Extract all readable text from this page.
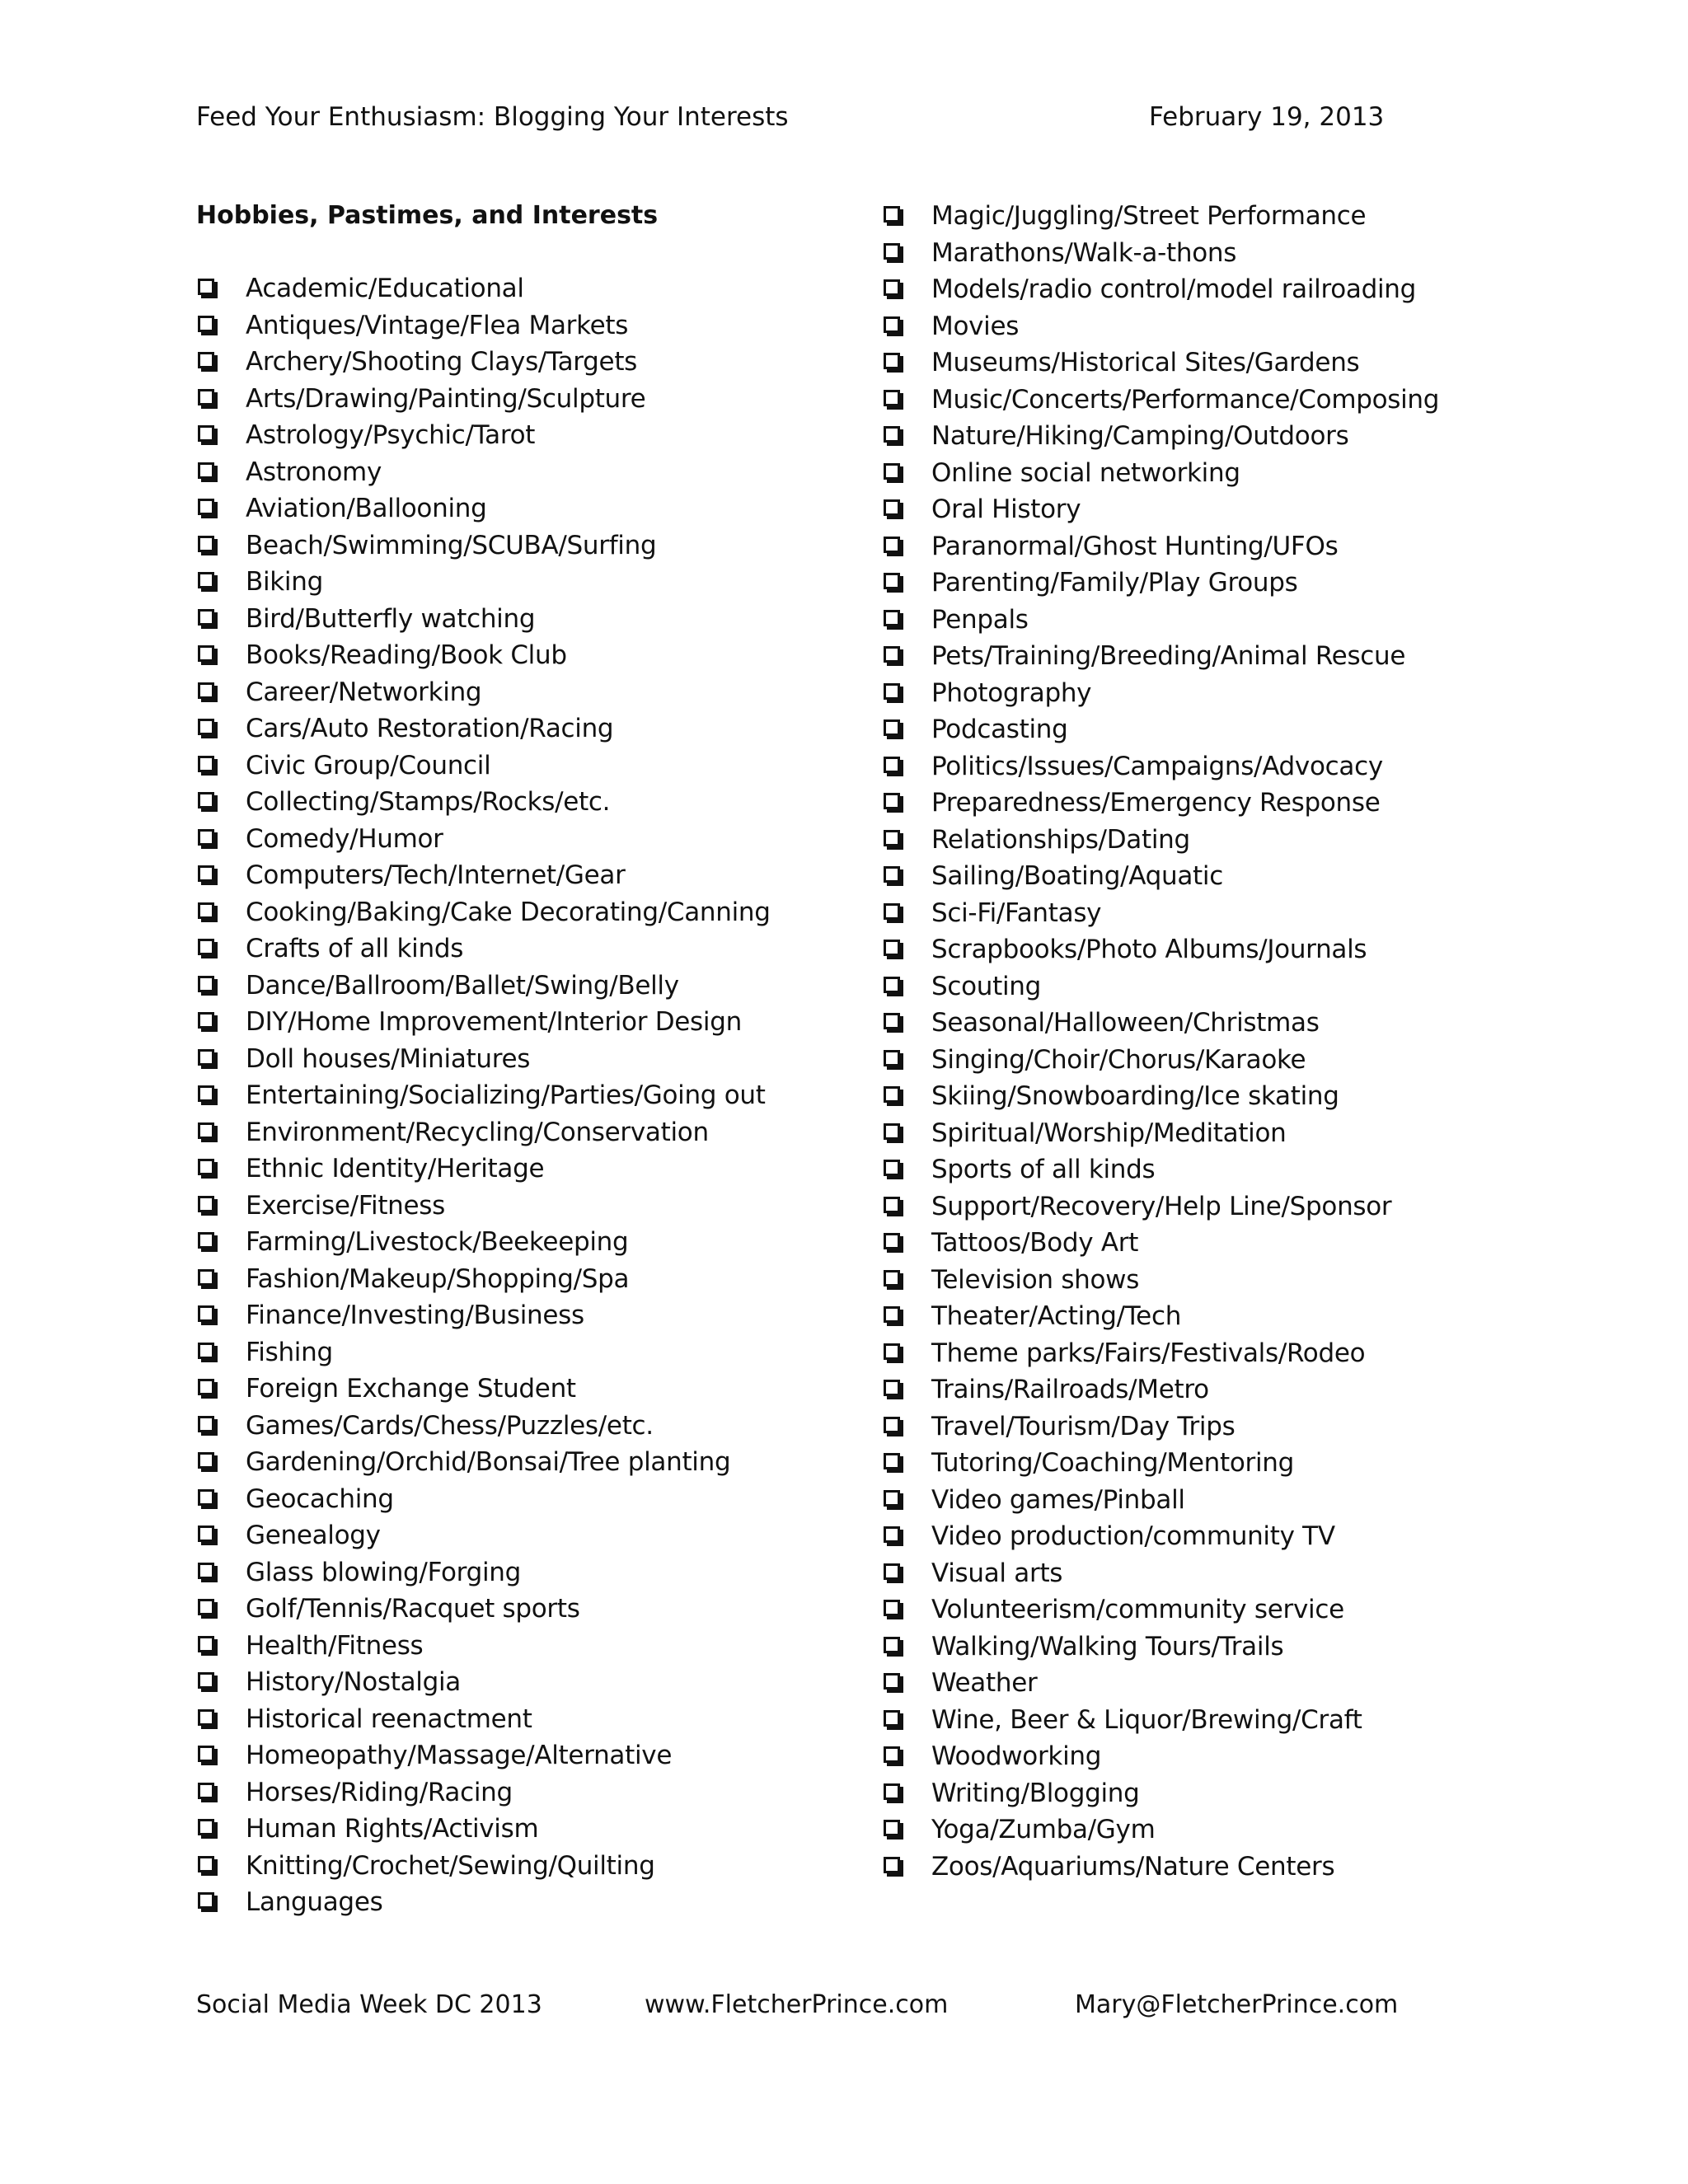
Feed Your Enthusiasm: Blogging Your Interests	February 19, 2013
Hobbies, Pastimes, and Interests
Academic/Educational
Antiques/Vintage/Flea Markets
Archery/Shooting Clays/Targets
Arts/Drawing/Painting/Sculpture
Astrology/Psychic/Tarot
Astronomy
Aviation/Ballooning
Beach/Swimming/SCUBA/Surfing
Biking
Bird/Butterfly watching
Books/Reading/Book Club
Career/Networking
Cars/Auto Restoration/Racing
Civic Group/Council
Collecting/Stamps/Rocks/etc.
Comedy/Humor
Computers/Tech/Internet/Gear
Cooking/Baking/Cake Decorating/Canning
Crafts of all kinds
Dance/Ballroom/Ballet/Swing/Belly
DIY/Home Improvement/Interior Design
Doll houses/Miniatures
Entertaining/Socializing/Parties/Going out
Environment/Recycling/Conservation
Ethnic Identity/Heritage
Exercise/Fitness
Farming/Livestock/Beekeeping
Fashion/Makeup/Shopping/Spa
Finance/Investing/Business
Fishing
Foreign Exchange Student
Games/Cards/Chess/Puzzles/etc.
Gardening/Orchid/Bonsai/Tree planting
Geocaching
Genealogy
Glass blowing/Forging
Golf/Tennis/Racquet sports
Health/Fitness
History/Nostalgia
Historical reenactment
Homeopathy/Massage/Alternative
Horses/Riding/Racing
Human Rights/Activism
Knitting/Crochet/Sewing/Quilting
Languages
Magic/Juggling/Street Performance
Marathons/Walk-a-thons
Models/radio control/model railroading
Movies
Museums/Historical Sites/Gardens
Music/Concerts/Performance/Composing
Nature/Hiking/Camping/Outdoors
Online social networking
Oral History
Paranormal/Ghost Hunting/UFOs
Parenting/Family/Play Groups
Penpals
Pets/Training/Breeding/Animal Rescue
Photography
Podcasting
Politics/Issues/Campaigns/Advocacy
Preparedness/Emergency Response
Relationships/Dating
Sailing/Boating/Aquatic
Sci-Fi/Fantasy
Scrapbooks/Photo Albums/Journals
Scouting
Seasonal/Halloween/Christmas
Singing/Choir/Chorus/Karaoke
Skiing/Snowboarding/Ice skating
Spiritual/Worship/Meditation
Sports of all kinds
Support/Recovery/Help Line/Sponsor
Tattoos/Body Art
Television shows
Theater/Acting/Tech
Theme parks/Fairs/Festivals/Rodeo
Trains/Railroads/Metro
Travel/Tourism/Day Trips
Tutoring/Coaching/Mentoring
Video games/Pinball
Video production/community TV
Visual arts
Volunteerism/community service
Walking/Walking Tours/Trails
Weather
Wine, Beer & Liquor/Brewing/Craft
Woodworking
Writing/Blogging
Yoga/Zumba/Gym
Zoos/Aquariums/Nature Centers
Social Media Week DC 2013	www.FletcherPrince.com	Mary@FletcherPrince.com
